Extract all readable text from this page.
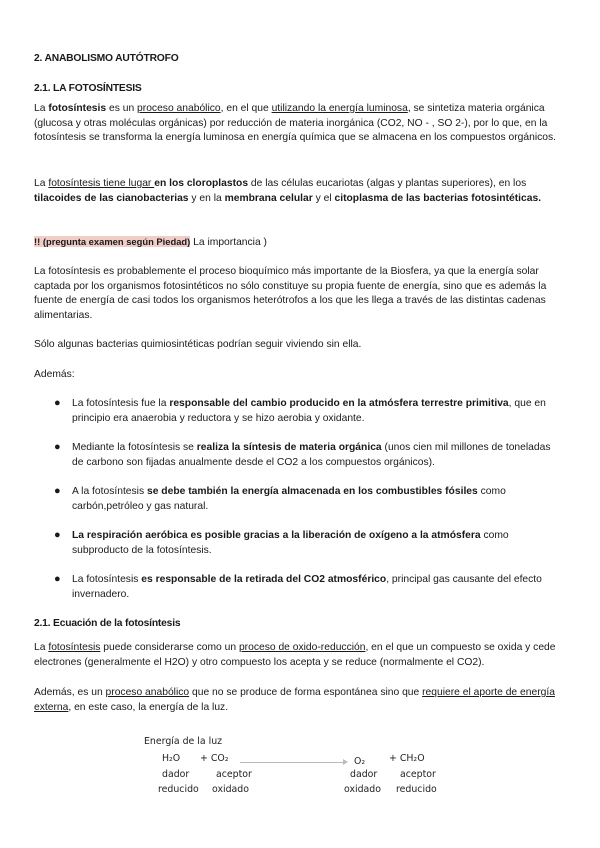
2. ANABOLISMO AUTÓTROFO
2.1. LA FOTOSÍNTESIS
La fotosíntesis es un proceso anabólico, en el que utilizando la energía luminosa, se sintetiza materia orgánica (glucosa y otras moléculas orgánicas) por reducción de materia inorgánica (CO2, NO - , SO 2-), por lo que, en la fotosíntesis se transforma la energía luminosa en energía química que se almacena en los compuestos orgánicos.
La fotosíntesis tiene lugar en los cloroplastos de las células eucariotas (algas y plantas superiores), en los tilacoides de las cianobacterias y en la membrana celular y el citoplasma de las bacterias fotosintéticas.
!! (pregunta examen según Piedad) La importancia )
La fotosíntesis es probablemente el proceso bioquímico más importante de la Biosfera, ya que la energía solar captada por los organismos fotosintéticos no sólo constituye su propia fuente de energía, sino que es además la fuente de energía de casi todos los organismos heterótrofos a los que les llega a través de las distintas cadenas alimentarias.
Sólo algunas bacterias quimiosintéticas podrían seguir viviendo sin ella.
Además:
● La fotosíntesis fue la responsable del cambio producido en la atmósfera terrestre primitiva, que en principio era anaerobia y reductora y se hizo aerobia y oxidante.
● Mediante la fotosíntesis se realiza la síntesis de materia orgánica (unos cien mil millones de toneladas de carbono son fijadas anualmente desde el CO2 a los compuestos orgánicos).
● A la fotosíntesis se debe también la energía almacenada en los combustibles fósiles como carbón,petróleo y gas natural.
● La respiración aeróbica es posible gracias a la liberación de oxígeno a la atmósfera como subproducto de la fotosíntesis.
● La fotosíntesis es responsable de la retirada del CO2 atmosférico, principal gas causante del efecto invernadero.
2.1. Ecuación de la fotosíntesis
La fotosíntesis puede considerarse como un proceso de oxido-reducción, en el que un compuesto se oxida y cede electrones (generalmente el H2O) y otro compuesto los acepta y se reduce (normalmente el CO2).
Además, es un proceso anabólico que no se produce de forma espontánea sino que requiere el aporte de energía externa, en este caso, la energía de la luz.
Energía de la luz
H₂O + CO₂	O₂	+ CH₂O
dador	aceptor	dador aceptor
reducido oxidado	oxidado reducido
